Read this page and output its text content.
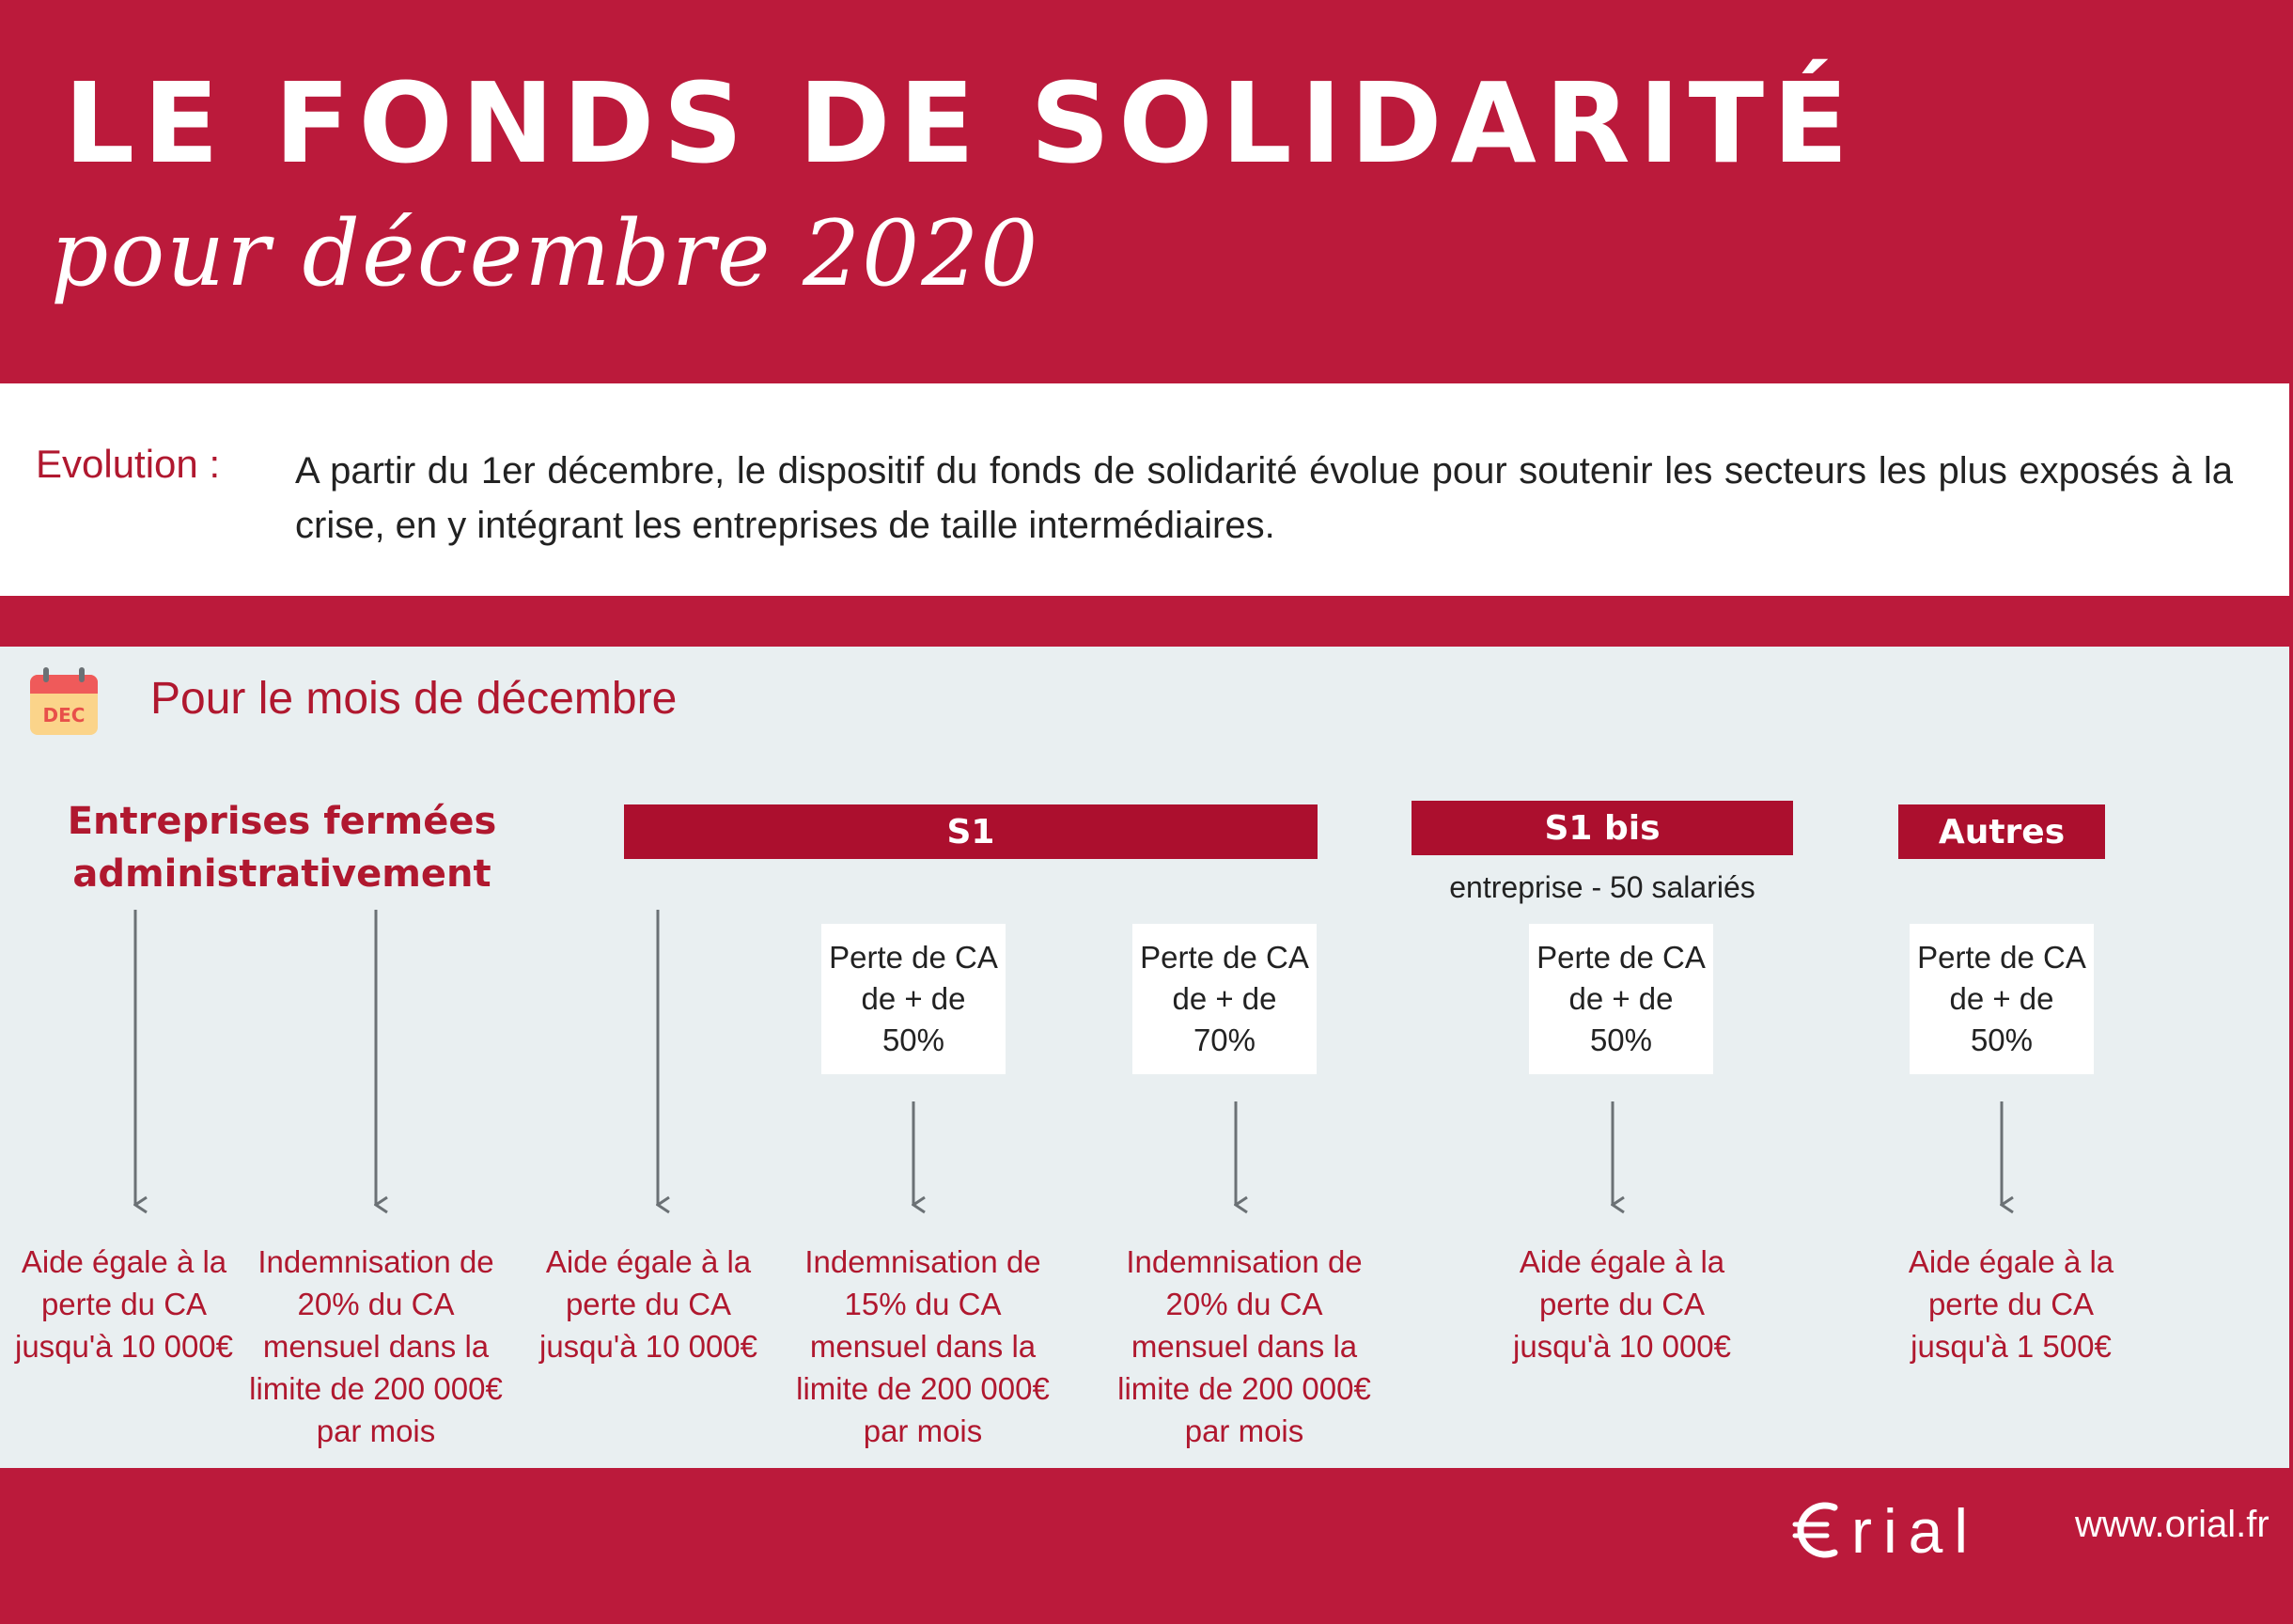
LE FONDS DE SOLIDARITÉ
pour décembre 2020
Evolution : A partir du 1er décembre, le dispositif du fonds de solidarité évolue pour soutenir les secteurs les plus exposés à la crise, en y intégrant les entreprises de taille intermédiaires.
DEC Pour le mois de décembre
Entreprises fermées
administrativement
S1	S1 bis	Autres
entreprise - 50 salariés
Perte de CA
de + de
50%
Perte de CA
de + de
70%
Perte de CA
de + de
50%
Perte de CA
de + de
50%
Aide égale à la
perte du CA
jusqu'à 10 000€
Indemnisation de
20% du CA
mensuel dans la
limite de 200 000€
par mois
Aide égale à la
perte du CA
jusqu'à 10 000€
Indemnisation de
15% du CA
mensuel dans la
limite de 200 000€
par mois
Indemnisation de
20% du CA
mensuel dans la
limite de 200 000€
par mois
Aide égale à la
perte du CA
jusqu'à 10 000€
Aide égale à la
perte du CA
jusqu'à 1 500€
rial	www.orial.fr
